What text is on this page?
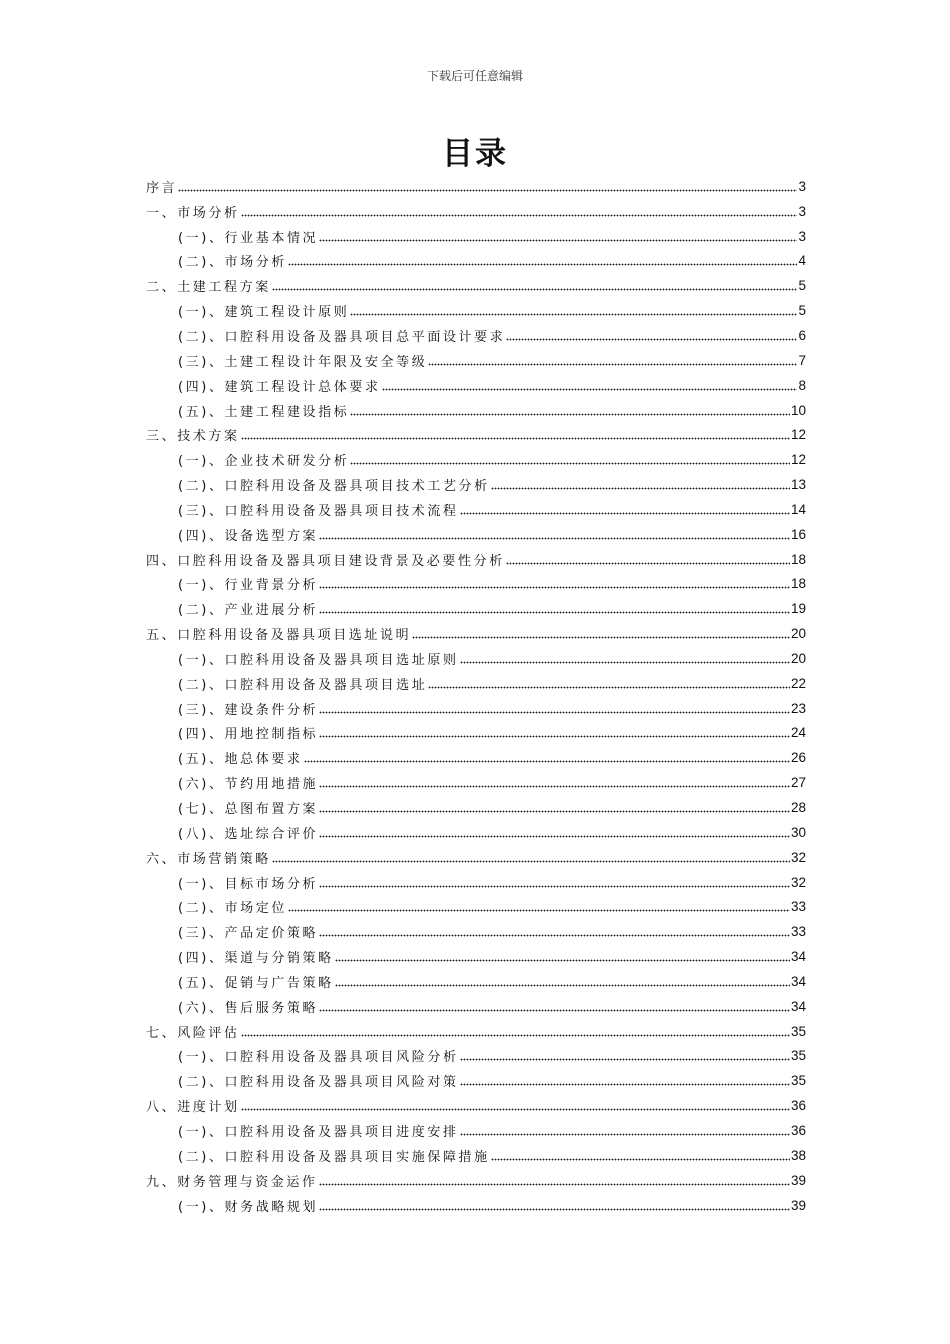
下载后可任意编辑
目录
序言	3
一、市场分析	3
(一)、行业基本情况	3
(二)、市场分析	4
二、土建工程方案	5
(一)、建筑工程设计原则	5
(二)、口腔科用设备及器具项目总平面设计要求	6
(三)、土建工程设计年限及安全等级	7
(四)、建筑工程设计总体要求	8
(五)、土建工程建设指标	10
三、技术方案	12
(一)、企业技术研发分析	12
(二)、口腔科用设备及器具项目技术工艺分析	13
(三)、口腔科用设备及器具项目技术流程	14
(四)、设备选型方案	16
四、口腔科用设备及器具项目建设背景及必要性分析	18
(一)、行业背景分析	18
(二)、产业进展分析	19
五、口腔科用设备及器具项目选址说明	20
(一)、口腔科用设备及器具项目选址原则	20
(二)、口腔科用设备及器具项目选址	22
(三)、建设条件分析	23
(四)、用地控制指标	24
(五)、地总体要求	26
(六)、节约用地措施	27
(七)、总图布置方案	28
(八)、选址综合评价	30
六、市场营销策略	32
(一)、目标市场分析	32
(二)、市场定位	33
(三)、产品定价策略	33
(四)、渠道与分销策略	34
(五)、促销与广告策略	34
(六)、售后服务策略	34
七、风险评估	35
(一)、口腔科用设备及器具项目风险分析	35
(二)、口腔科用设备及器具项目风险对策	35
八、进度计划	36
(一)、口腔科用设备及器具项目进度安排	36
(二)、口腔科用设备及器具项目实施保障措施	38
九、财务管理与资金运作	39
(一)、财务战略规划	39
